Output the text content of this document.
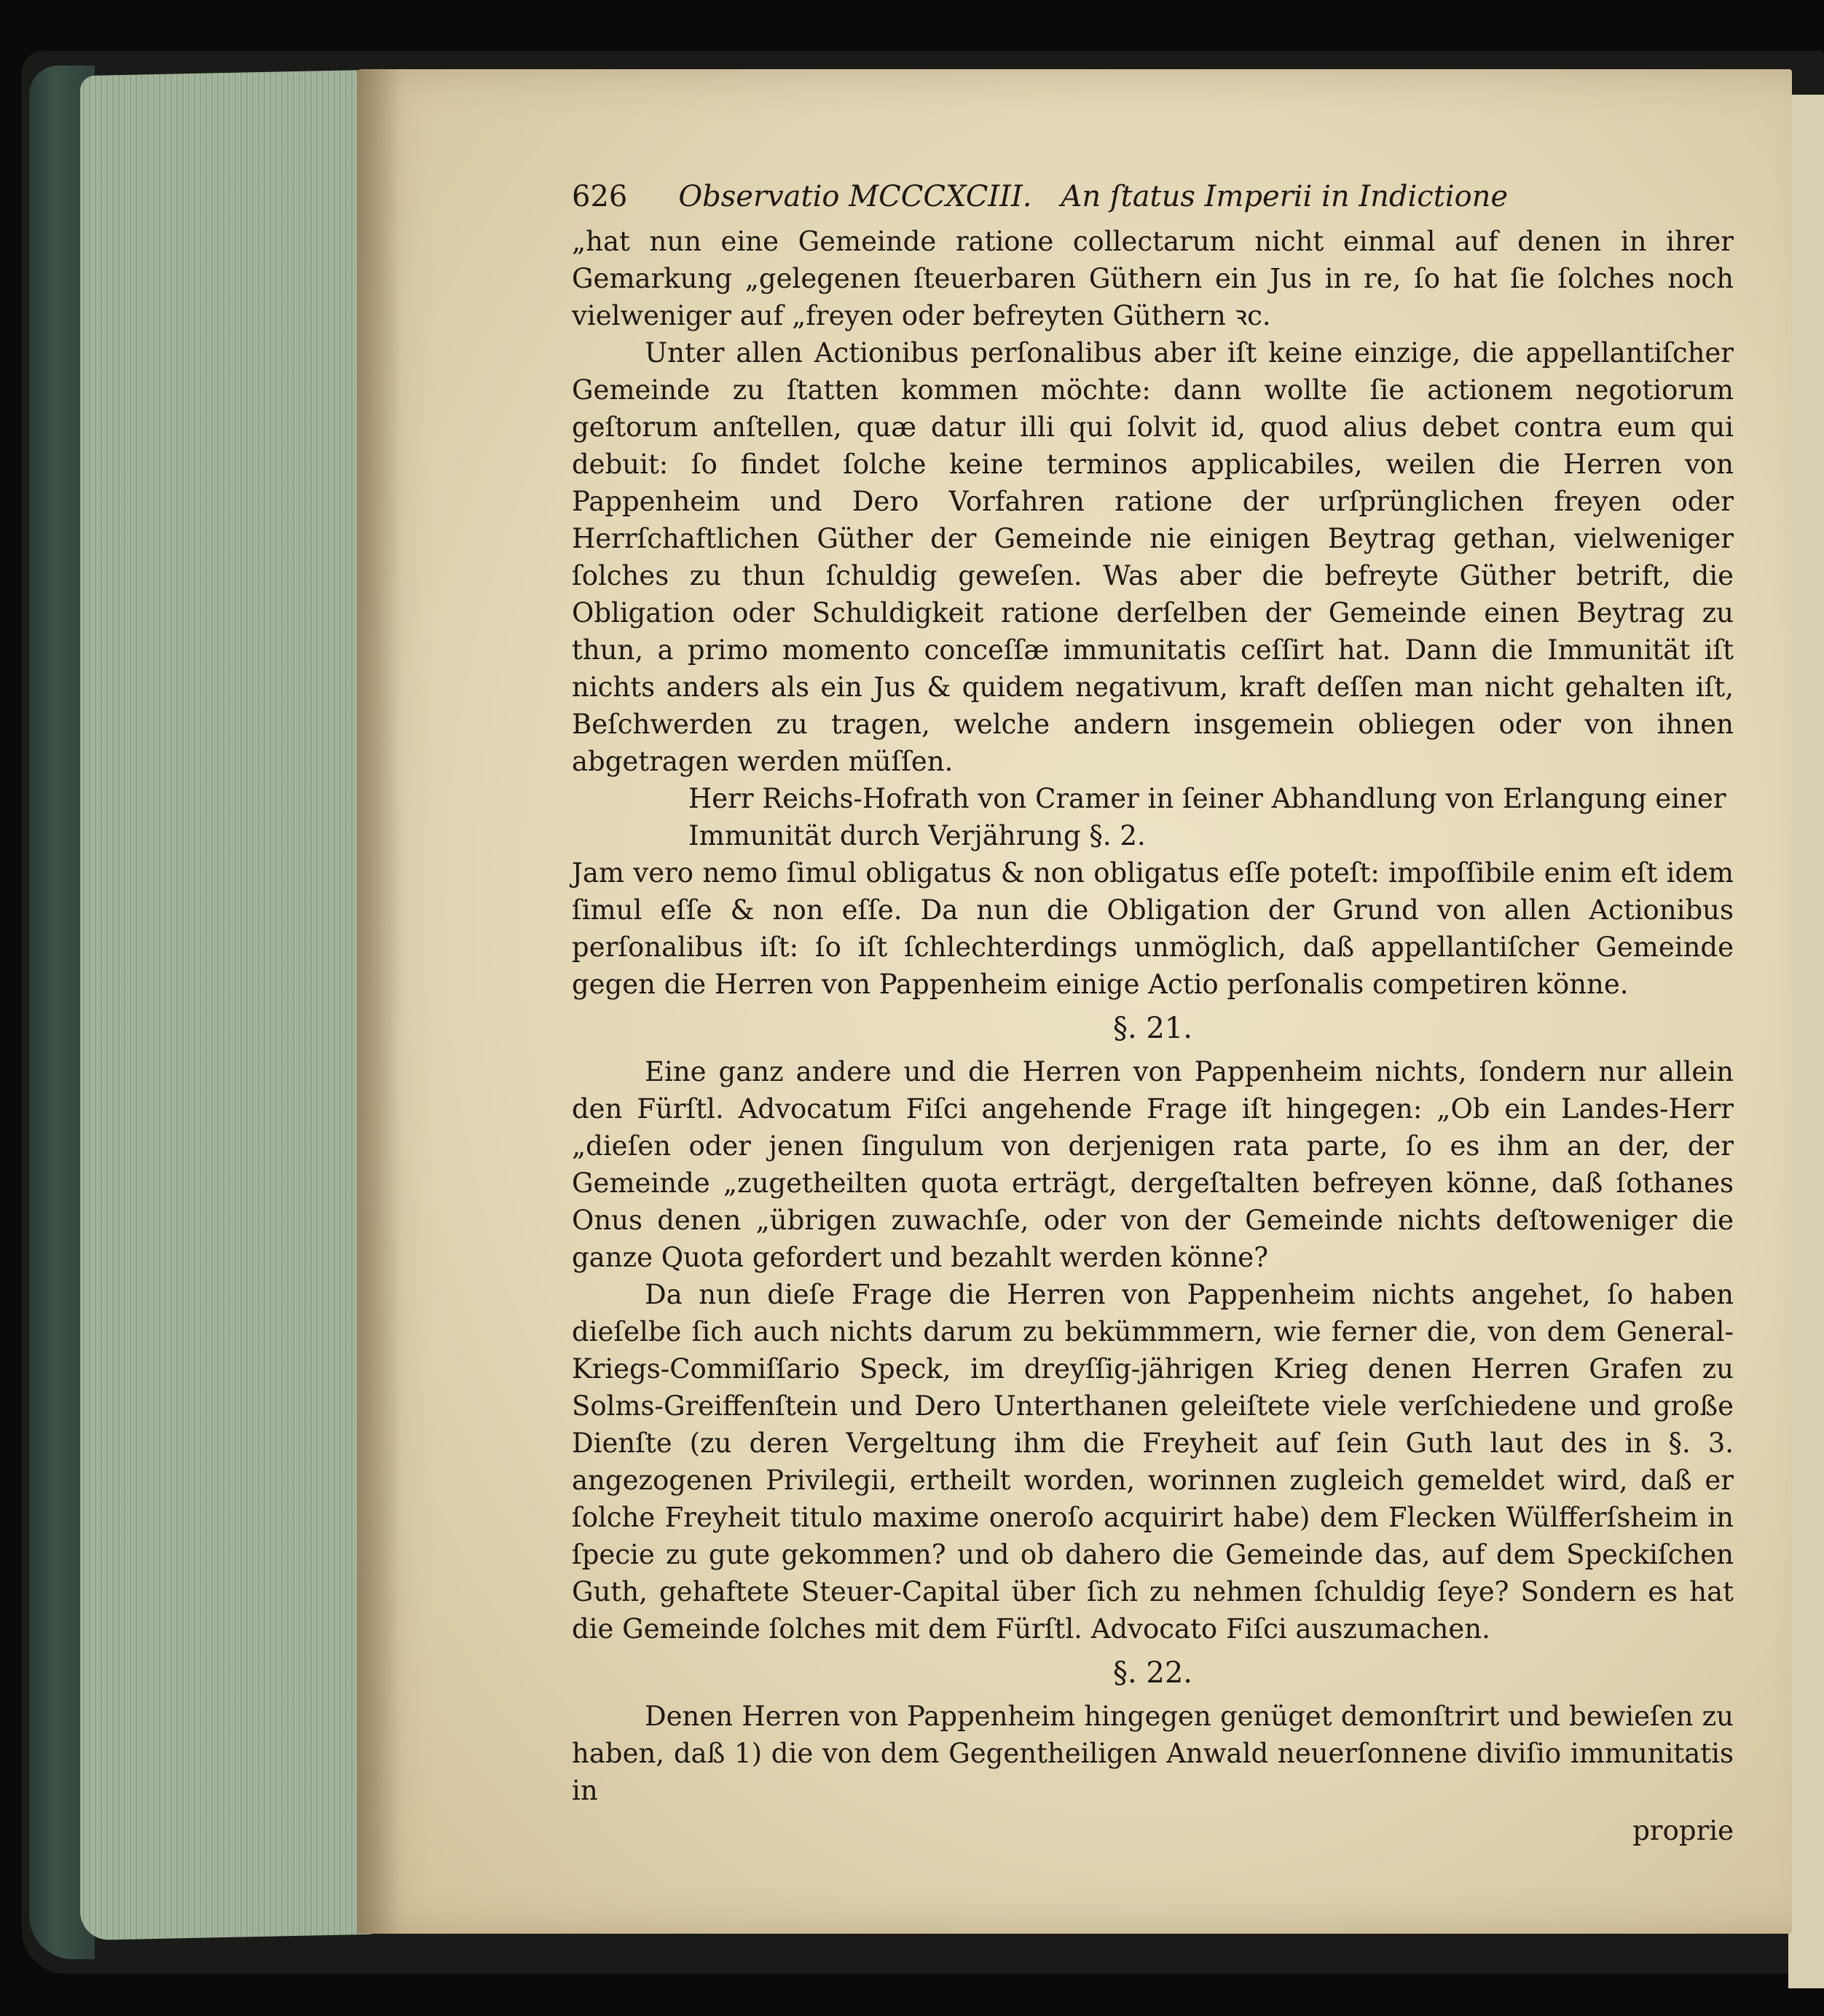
626 Observatio MCCCXCIII. An ſtatus Imperii in Indictione

„hat nun eine Gemeinde ratione collectarum nicht einmal auf denen in ihrer Gemarkung „gelegenen ſteuerbaren Güthern ein Jus in re, ſo hat ſie ſolches noch vielweniger auf „freyen oder befreyten Güthern ꝛc.

Unter allen Actionibus perſonalibus aber iſt keine einzige, die appellantiſcher Gemeinde zu ſtatten kommen möchte: dann wollte ſie actionem negotiorum geſtorum anſtellen, quæ datur illi qui ſolvit id, quod alius debet contra eum qui debuit: ſo findet ſolche keine terminos applicabiles, weilen die Herren von Pappenheim und Dero Vorfahren ratione der urſprünglichen freyen oder Herrſchaftlichen Güther der Gemeinde nie einigen Beytrag gethan, vielweniger ſolches zu thun ſchuldig geweſen. Was aber die befreyte Güther betrift, die Obligation oder Schuldigkeit ratione derſelben der Gemeinde einen Beytrag zu thun, a primo momento conceſſæ immunitatis ceſſirt hat. Dann die Immunität iſt nichts anders als ein Jus & quidem negativum, kraft deſſen man nicht gehalten iſt, Beſchwerden zu tragen, welche andern insgemein obliegen oder von ihnen abgetragen werden müſſen.

Herr Reichs-Hofrath von Cramer in ſeiner Abhandlung von Erlangung einer Immunität durch Verjährung §. 2.

Jam vero nemo ſimul obligatus & non obligatus eſſe poteſt: impoſſibile enim eſt idem ſimul eſſe & non eſſe. Da nun die Obligation der Grund von allen Actionibus perſonalibus iſt: ſo iſt ſchlechterdings unmöglich, daß appellantiſcher Gemeinde gegen die Herren von Pappenheim einige Actio perſonalis competiren könne.

§. 21.

Eine ganz andere und die Herren von Pappenheim nichts, ſondern nur allein den Fürſtl. Advocatum Fiſci angehende Frage iſt hingegen: „Ob ein Landes-Herr „dieſen oder jenen ſingulum von derjenigen rata parte, ſo es ihm an der, der Gemeinde „zugetheilten quota erträgt, dergeſtalten befreyen könne, daß ſothanes Onus denen „übrigen zuwachſe, oder von der Gemeinde nichts deſtoweniger die ganze Quota gefordert und bezahlt werden könne?

Da nun dieſe Frage die Herren von Pappenheim nichts angehet, ſo haben dieſelbe ſich auch nichts darum zu bekümmmern, wie ferner die, von dem General-Kriegs-Commiſſario Speck, im dreyſſig-jährigen Krieg denen Herren Grafen zu Solms-Greiffenſtein und Dero Unterthanen geleiſtete viele verſchiedene und große Dienſte (zu deren Vergeltung ihm die Freyheit auf ſein Guth laut des in §. 3. angezogenen Privilegii, ertheilt worden, worinnen zugleich gemeldet wird, daß er ſolche Freyheit titulo maxime oneroſo acquirirt habe) dem Flecken Wülfferſsheim in ſpecie zu gute gekommen? und ob dahero die Gemeinde das, auf dem Speckiſchen Guth, gehaftete Steuer-Capital über ſich zu nehmen ſchuldig ſeye? Sondern es hat die Gemeinde ſolches mit dem Fürſtl. Advocato Fiſci auszumachen.

§. 22.

Denen Herren von Pappenheim hingegen genüget demonſtrirt und bewieſen zu haben, daß 1) die von dem Gegentheiligen Anwald neuerſonnene diviſio immunitatis in

proprie
